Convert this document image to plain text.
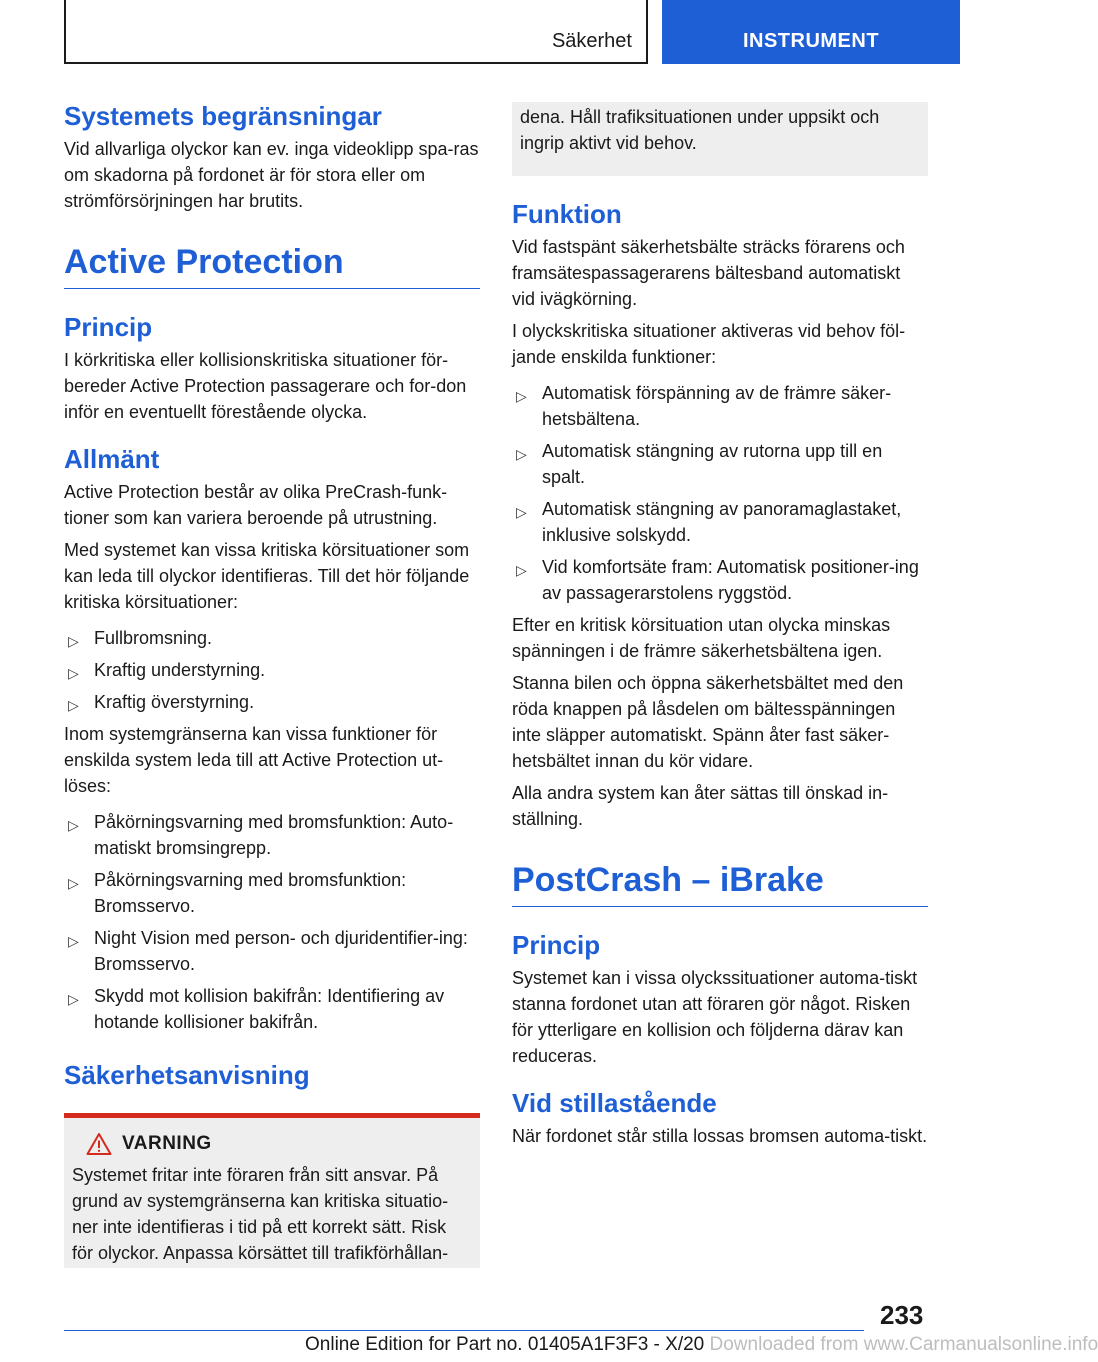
Säkerhet	INSTRUMENT
Systemets begränsningar

Vid allvarliga olyckor kan ev. inga videoklipp spa-ras om skadorna på fordonet är för stora eller om strömförsörjningen har brutits.

Active Protection
Princip

I körkritiska eller kollisionskritiska situationer för-bereder Active Protection passagerare och for-don inför en eventuellt förestående olycka.

Allmänt

Active Protection består av olika PreCrash-funk-tioner som kan variera beroende på utrustning.

Med systemet kan vissa kritiska körsituationer som kan leda till olyckor identifieras. Till det hör följande kritiska körsituationer:

▷ Fullbromsning.
▷ Kraftig understyrning.
▷ Kraftig överstyrning.

Inom systemgränserna kan vissa funktioner för enskilda system leda till att Active Protection ut-löses:

▷ Påkörningsvarning med bromsfunktion: Auto-matiskt bromsingrepp.
▷ Påkörningsvarning med bromsfunktion: Bromsservo.
▷ Night Vision med person- och djuridentifier-ing: Bromsservo.
▷ Skydd mot kollision bakifrån: Identifiering av hotande kollisioner bakifrån.
Säkerhetsanvisning
VARNING

Systemet fritar inte föraren från sitt ansvar. På grund av systemgränserna kan kritiska situatio-ner inte identifieras i tid på ett korrekt sätt. Risk för olyckor. Anpassa körsättet till trafikförhållan-

dena. Håll trafiksituationen under uppsikt och ingrip aktivt vid behov.

Funktion

Vid fastspänt säkerhetsbälte sträcks förarens och framsätespassagerarens bältesband automatiskt vid ivägkörning.

I olyckskritiska situationer aktiveras vid behov föl-jande enskilda funktioner:

▷ Automatisk förspänning av de främre säker-hetsbältena.
▷ Automatisk stängning av rutorna upp till en spalt.
▷ Automatisk stängning av panoramaglastaket, inklusive solskydd.
▷ Vid komfortsäte fram: Automatisk positioner-ing av passagerarstolens ryggstöd.

Efter en kritisk körsituation utan olycka minskas spänningen i de främre säkerhetsbältena igen.

Stanna bilen och öppna säkerhetsbältet med den röda knappen på låsdelen om bältesspänningen inte släpper automatiskt. Spänn åter fast säker-hetsbältet innan du kör vidare.

Alla andra system kan åter sättas till önskad in-ställning.

PostCrash – iBrake
Princip

Systemet kan i vissa olyckssituationer automa-tiskt stanna fordonet utan att föraren gör något. Risken för ytterligare en kollision och följderna därav kan reduceras.

Vid stillastående

När fordonet står stilla lossas bromsen automa-tiskt.

233
Online Edition for Part no. 01405A1F3F3 - X/20 Downloaded from www.Carmanualsonline.info
